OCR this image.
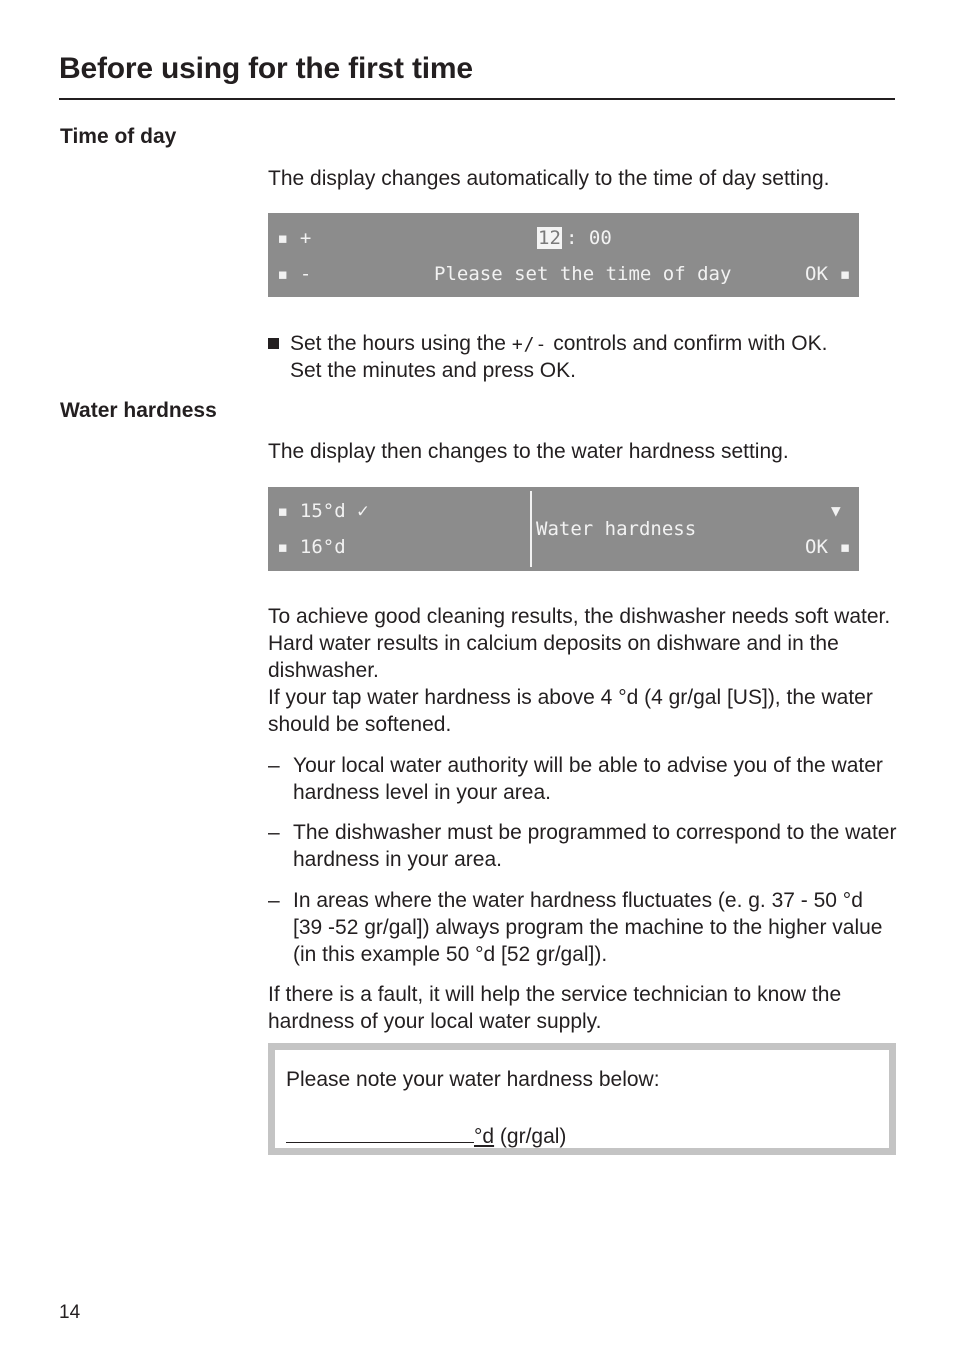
Before using for the first time
Time of day
The display changes automatically to the time of day setting.
▪ +
▪ -
12 : 00
Please set the time of day	OK ▪
Set the hours using the +/- controls and confirm with OK.
Set the minutes and press OK.
Water hardness
The display then changes to the water hardness setting.
▪ 15°d ✓
▪ 16°d
Water hardness
▼
OK ▪
To achieve good cleaning results, the dishwasher needs soft water. Hard water results in calcium deposits on dishware and in the dishwasher.
If your tap water hardness is above 4 °d (4 gr/gal [US]), the water should be softened.
– Your local water authority will be able to advise you of the water hardness level in your area.
– The dishwasher must be programmed to correspond to the water hardness in your area.
– In areas where the water hardness fluctuates (e. g. 37 - 50 °d [39 -52 gr/gal]) always program the machine to the higher value (in this example 50 °d [52 gr/gal]).
If there is a fault, it will help the service technician to know the hardness of your local water supply.
Please note your water hardness below:
°d (gr/gal)
14
